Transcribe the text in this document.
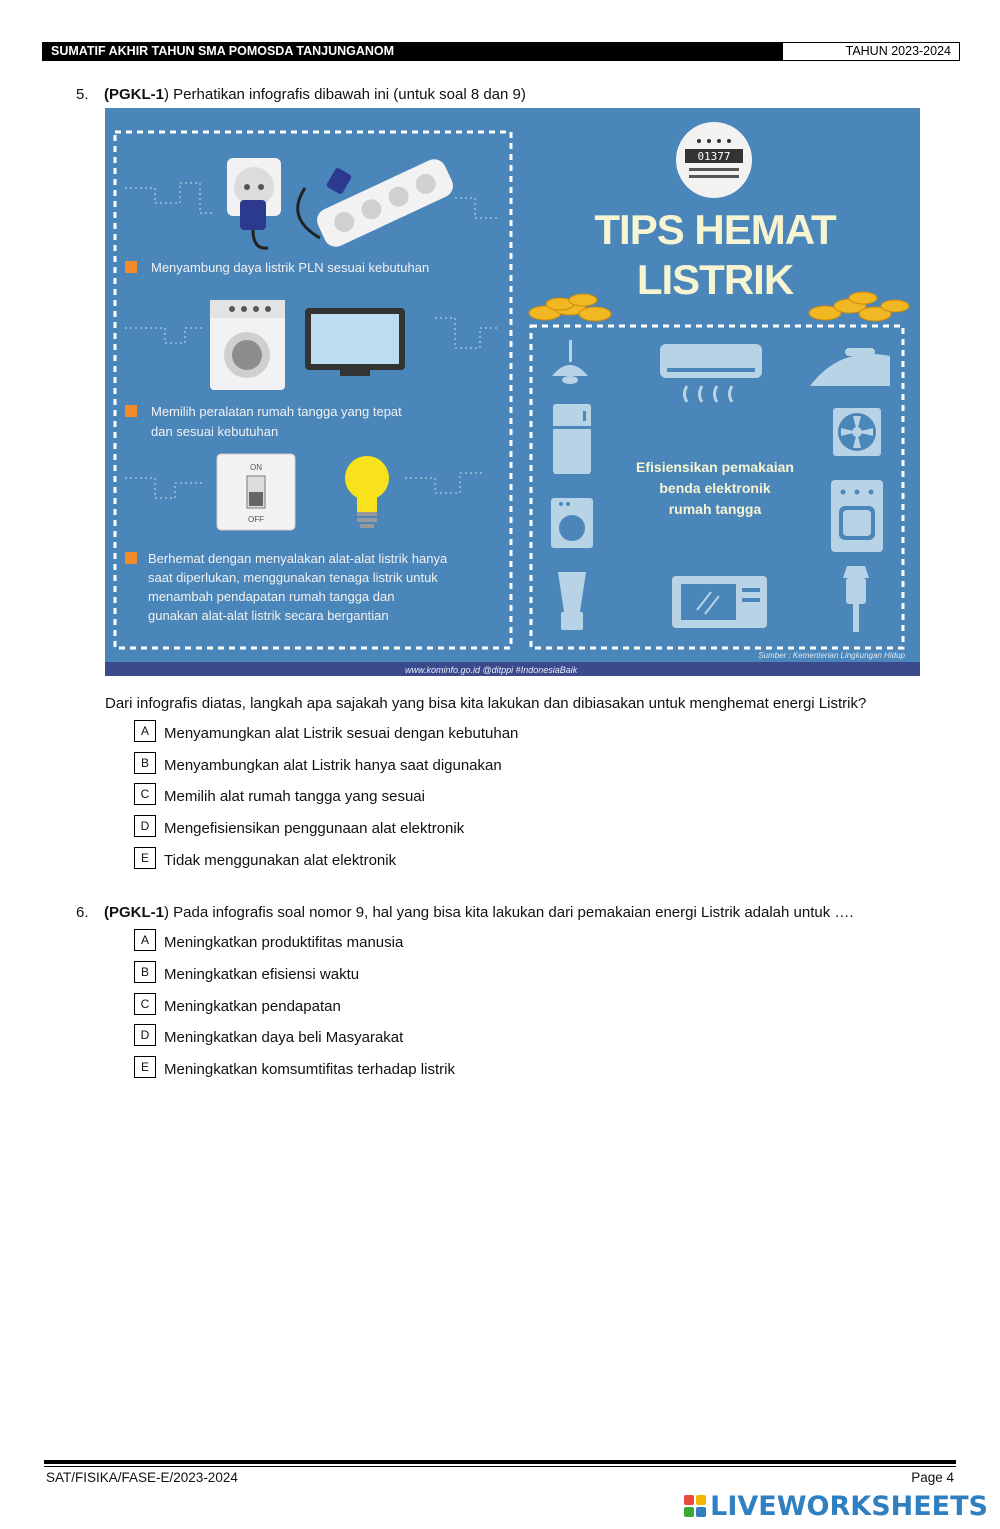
SUMATIF AKHIR TAHUN SMA POMOSDA TANJUNGANOM	TAHUN 2023-2024
5. (PGKL-1) Perhatikan infografis dibawah ini (untuk soal 8 dan 9)
Menyambung daya listrik PLN sesuai kebutuhan
Memilih peralatan rumah tangga yang tepat
dan sesuai kebutuhan
ON
OFF
Berhemat dengan menyalakan alat-alat listrik hanya
saat diperlukan, menggunakan tenaga listrik untuk
menambah pendapatan rumah tangga dan
gunakan alat-alat listrik secara bergantian
01377
TIPS HEMAT
LISTRIK
Efisiensikan pemakaian
benda elektronik
rumah tangga
Sumber : Kementerian Lingkungan Hidup
www.kominfo.go.id @ditppi #IndonesiaBaik
Dari infografis diatas, langkah apa sajakah yang bisa kita lakukan dan dibiasakan untuk menghemat energi Listrik?
A	Menyamungkan alat Listrik sesuai dengan kebutuhan
B	Menyambungkan alat Listrik hanya saat digunakan
C Memilih alat rumah tangga yang sesuai
D Mengefisiensikan penggunaan alat elektronik
E	Tidak menggunakan alat elektronik
6. (PGKL-1) Pada infografis soal nomor 9, hal yang bisa kita lakukan dari pemakaian energi Listrik adalah untuk ….
A	Meningkatkan produktifitas manusia
B	Meningkatkan efisiensi waktu
C Meningkatkan pendapatan
D Meningkatkan daya beli Masyarakat
E	Meningkatkan komsumtifitas terhadap listrik
SAT/FISIKA/FASE-E/2023-2024	Page 4
LIVEWORKSHEETS
